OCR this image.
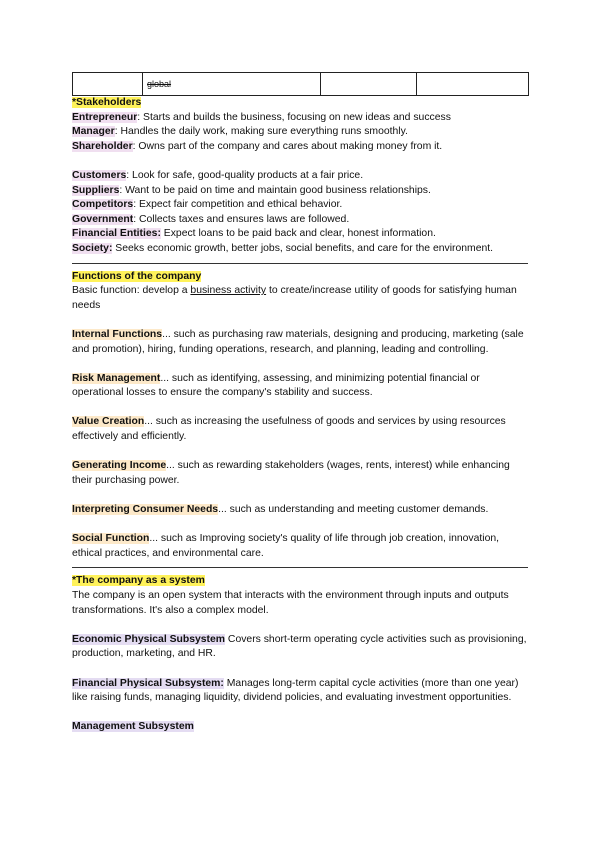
	global		

*Stakeholders

Entrepreneur: Starts and builds the business, focusing on new ideas and success

Manager: Handles the daily work, making sure everything runs smoothly.

Shareholder: Owns part of the company and cares about making money from it.

Customers: Look for safe, good-quality products at a fair price.

Suppliers: Want to be paid on time and maintain good business relationships.

Competitors: Expect fair competition and ethical behavior.

Government: Collects taxes and ensures laws are followed.

Financial Entities: Expect loans to be paid back and clear, honest information.

Society: Seeks economic growth, better jobs, social benefits, and care for the environment.

Functions of the company

Basic function: develop a business activity to create/increase utility of goods for satisfying human needs

Internal Functions... such as purchasing raw materials, designing and producing, marketing (sale and promotion), hiring, funding operations, research, and planning, leading and controlling.

Risk Management... such as identifying, assessing, and minimizing potential financial or operational losses to ensure the company's stability and success.

Value Creation... such as increasing the usefulness of goods and services by using resources effectively and efficiently.

Generating Income... such as rewarding stakeholders (wages, rents, interest) while enhancing their purchasing power.

Interpreting Consumer Needs... such as understanding and meeting customer demands.

Social Function... such as Improving society's quality of life through job creation, innovation, ethical practices, and environmental care.

*The company as a system

The company is an open system that interacts with the environment through inputs and outputs transformations. It's also a complex model.

Economic Physical Subsystem Covers short-term operating cycle activities such as provisioning, production, marketing, and HR.

Financial Physical Subsystem: Manages long-term capital cycle activities (more than one year) like raising funds, managing liquidity, dividend policies, and evaluating investment opportunities.

Management Subsystem
